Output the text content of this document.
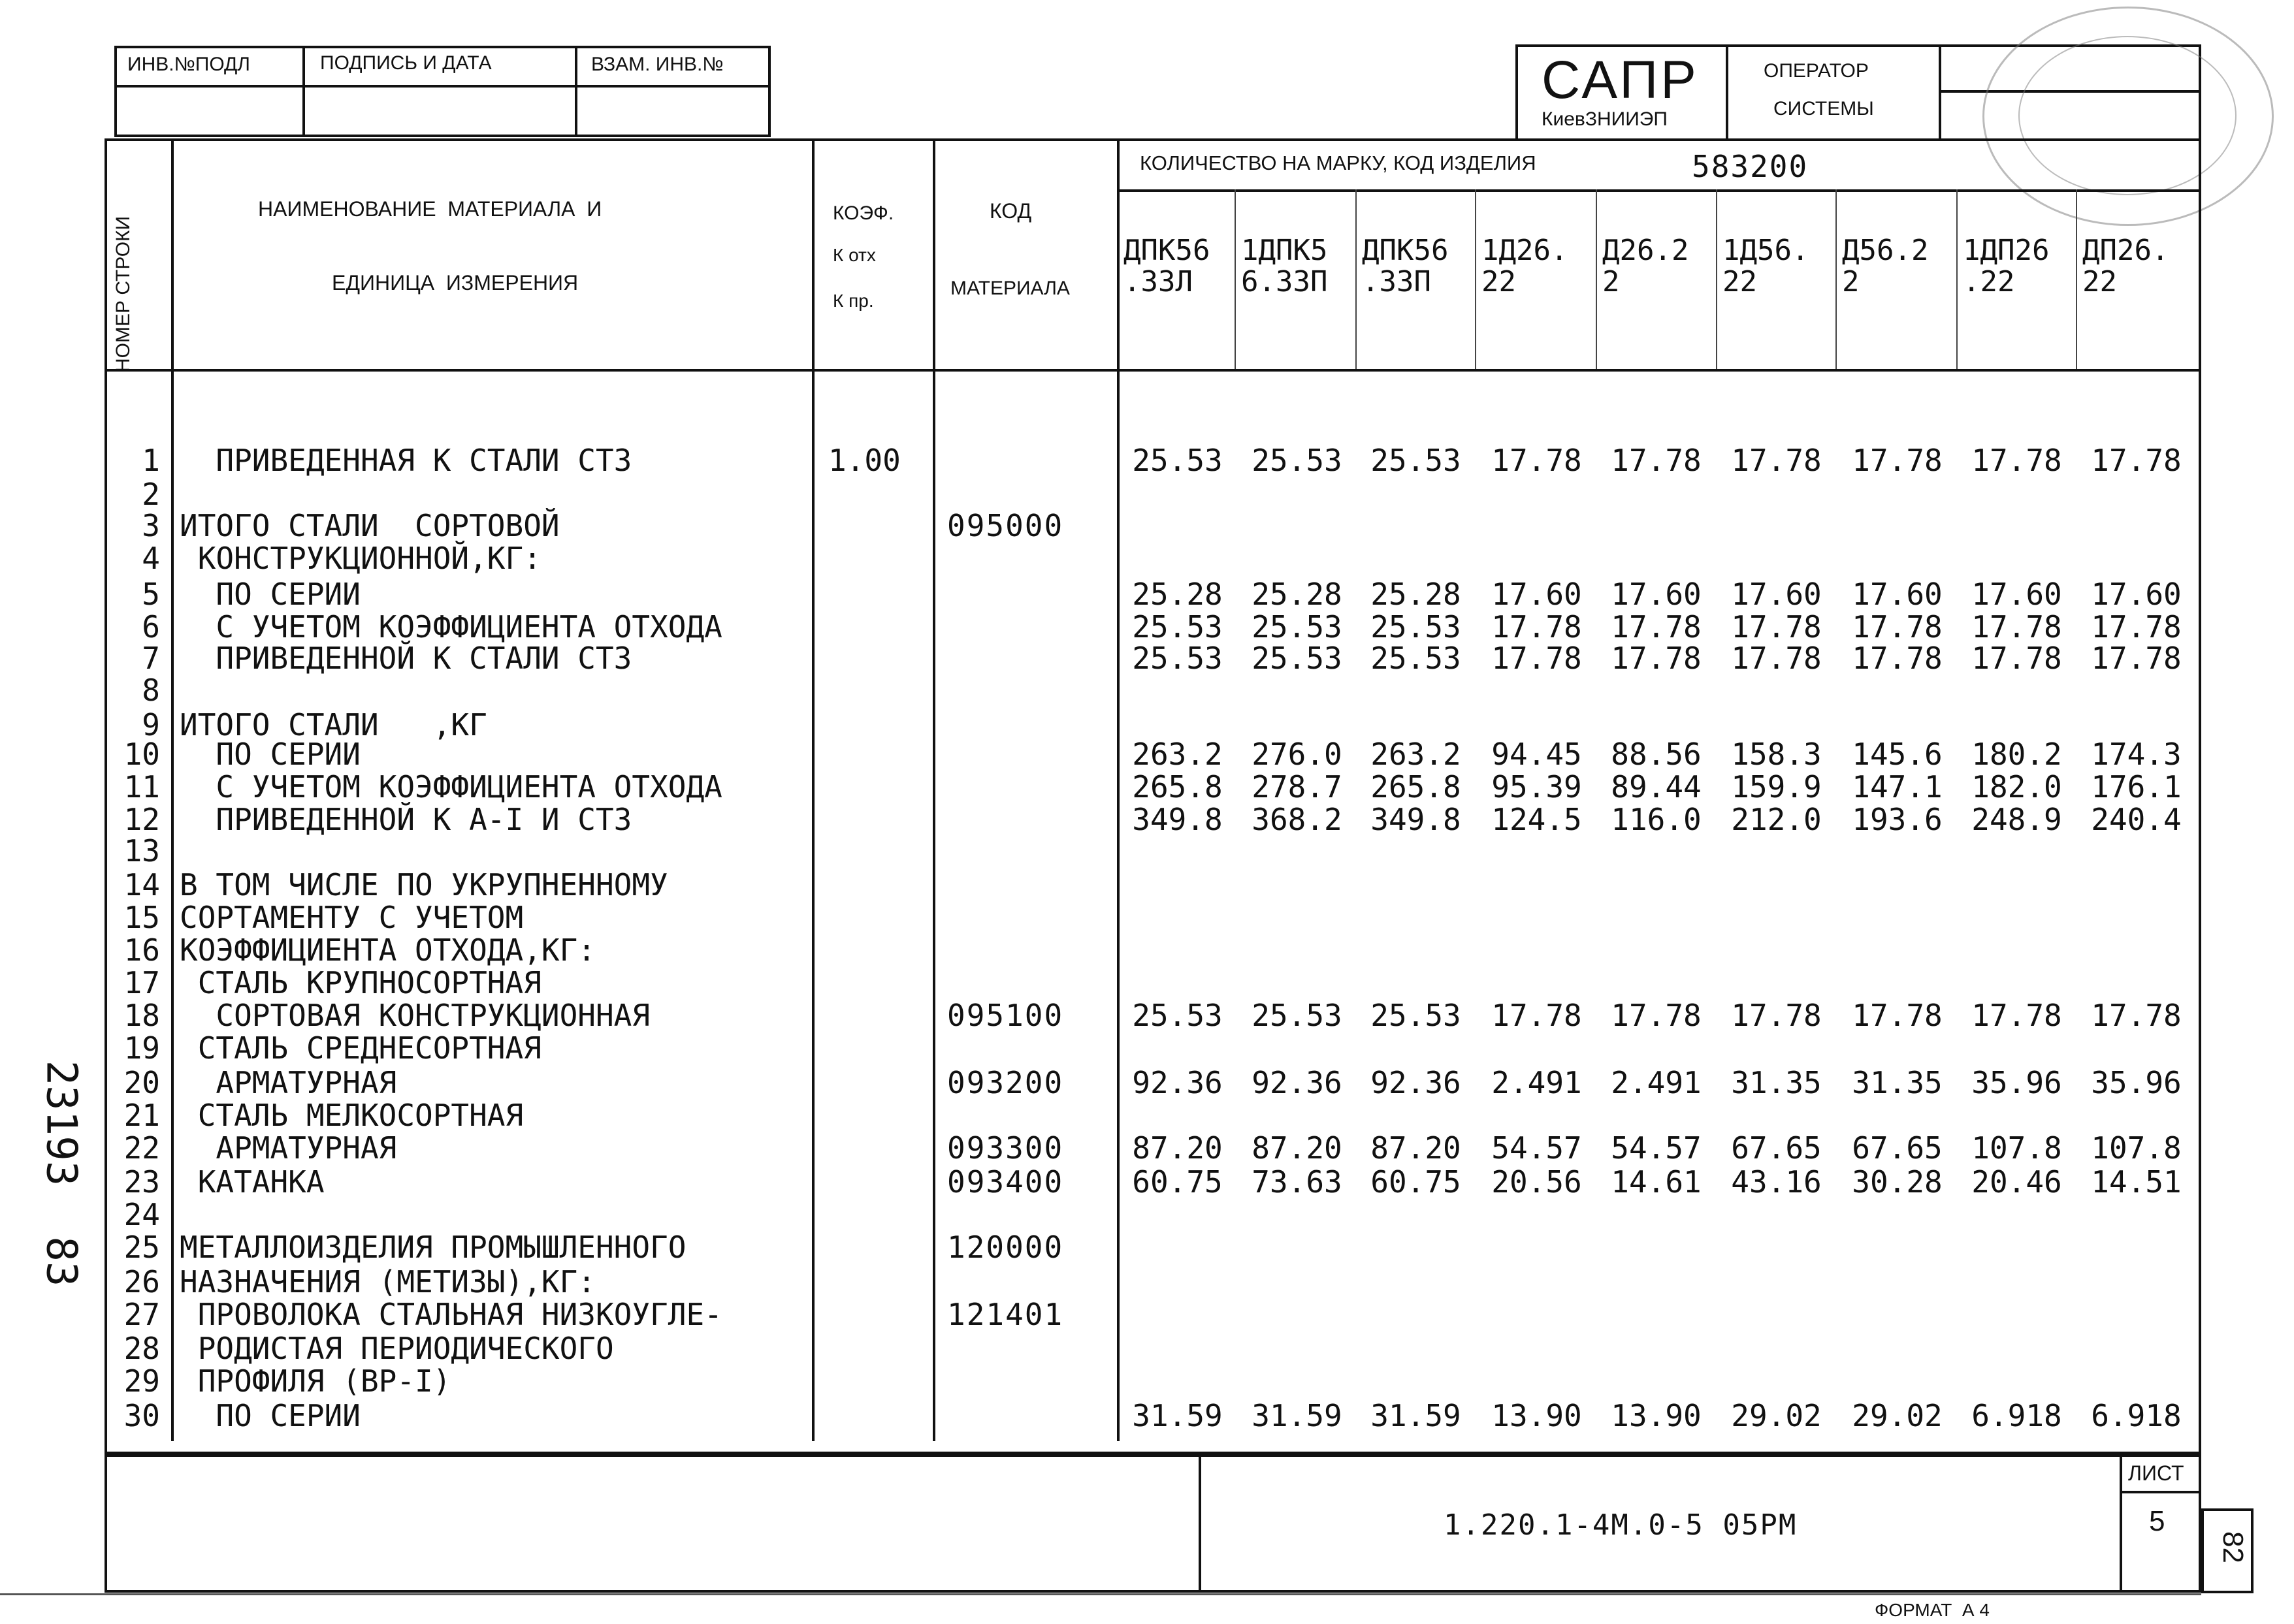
ИНВ.№ПОДЛ	ПОДПИСЬ И ДАТА	ВЗАМ. ИНВ.№	САПР
КиевЗНИИЭП
ОПЕРАТОР
СИСТЕМЫ
НОМЕР СТРОКИ
НАИМЕНОВАНИЕ  МАТЕРИАЛА  И
ЕДИНИЦА  ИЗМЕРЕНИЯ
КОЭФ.
К отх
К пр.
КОД
МАТЕРИАЛА
КОЛИЧЕСТВО НА МАРКУ, КОД ИЗДЕЛИЯ	583200
ДПК56
.33Л
1ДПК5
6.33П
ДПК56
.33П
1Д26.
22
Д26.2
2
1Д56.
22
Д56.2
2
1ДП26
.22
ДП26.
22
1 ПРИВЕДЕННАЯ К СТАЛИ СТ3	1.00	25.53 25.53 25.53	17.78 17.78 17.78	17.78 17.78 17.78
2
3 ИТОГО СТАЛИ  СОРТОВОЙ	095000
4 КОНСТРУКЦИОННОЙ,КГ:
5 ПО СЕРИИ	25.28 25.28 25.28	17.60 17.60 17.60	17.60 17.60 17.60
6 С УЧЕТОМ КОЭФФИЦИЕНТА ОТХОДА	25.53 25.53 25.53	17.78 17.78 17.78	17.78 17.78 17.78
7 ПРИВЕДЕННОЙ К СТАЛИ СТ3	25.53 25.53 25.53	17.78 17.78 17.78	17.78 17.78 17.78
8
9 ИТОГО СТАЛИ   ,КГ
10 ПО СЕРИИ	263.2 276.0 263.2	94.45 88.56 158.3	145.6 180.2 174.3
11 С УЧЕТОМ КОЭФФИЦИЕНТА ОТХОДА	265.8 278.7 265.8	95.39 89.44 159.9	147.1 182.0 176.1
12 ПРИВЕДЕННОЙ К А-I И СТ3	349.8 368.2 349.8	124.5 116.0 212.0	193.6 248.9 240.4
13
14 В ТОМ ЧИСЛЕ ПО УКРУПНЕННОМУ
15 СОРТАМЕНТУ С УЧЕТОМ
16 КОЭФФИЦИЕНТА ОТХОДА,КГ:
17 СТАЛЬ КРУПНОСОРТНАЯ
18 СОРТОВАЯ КОНСТРУКЦИОННАЯ	095100	25.53 25.53 25.53	17.78 17.78 17.78	17.78 17.78 17.78
19 СТАЛЬ СРЕДНЕСОРТНАЯ
20 АРМАТУРНАЯ	093200	92.36 92.36 92.36	2.491 2.491 31.35	31.35 35.96 35.96
21 СТАЛЬ МЕЛКОСОРТНАЯ
22 АРМАТУРНАЯ	093300	87.20 87.20 87.20	54.57 54.57 67.65	67.65 107.8 107.8
23 КАТАНКА	093400	60.75 73.63 60.75	20.56 14.61 43.16	30.28 20.46 14.51
24
25 МЕТАЛЛОИЗДЕЛИЯ ПРОМЫШЛЕННОГО	120000
26 НАЗНАЧЕНИЯ (МЕТИЗЫ),КГ:
27 ПРОВОЛОКА СТАЛЬНАЯ НИЗКОУГЛЕ-	121401
28 РОДИСТАЯ ПЕРИОДИЧЕСКОГО
29 ПРОФИЛЯ (ВР-I)
30 ПО СЕРИИ	31.59 31.59 31.59	13.90 13.90 29.02	29.02 6.918 6.918
1.220.1-4М.0-5 05РМ
ЛИСТ
5
82
ФОРМАТ  А 4
23193  83
